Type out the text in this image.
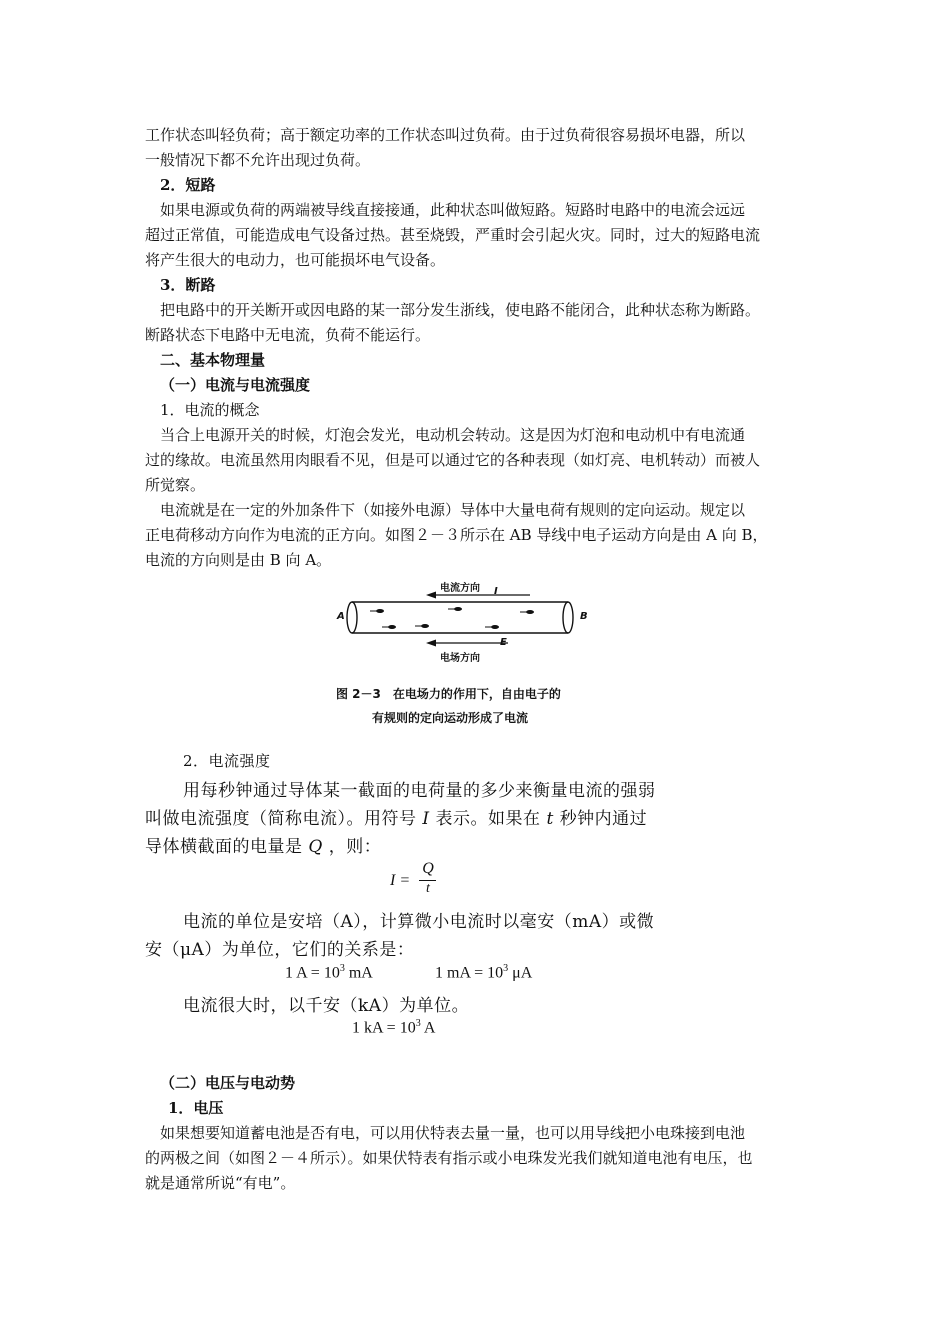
工作状态叫轻负荷；高于额定功率的工作状态叫过负荷。由于过负荷很容易损坏电器，所以
一般情况下都不允许出现过负荷。
2．短路
如果电源或负荷的两端被导线直接接通，此种状态叫做短路。短路时电路中的电流会远远
超过正常值，可能造成电气设备过热。甚至烧毁，严重时会引起火灾。同时，过大的短路电流
将产生很大的电动力，也可能损坏电气设备。
3．断路
把电路中的开关断开或因电路的某一部分发生浙线，使电路不能闭合，此种状态称为断路。
断路状态下电路中无电流，负荷不能运行。
二、基本物理量
（一）电流与电流强度
1．电流的概念
当合上电源开关的时候，灯泡会发光，电动机会转动。这是因为灯泡和电动机中有电流通
过的缘故。电流虽然用肉眼看不见，但是可以通过它的各种表现（如灯亮、电机转动）而被人
所觉察。
电流就是在一定的外加条件下（如接外电源）导体中大量电荷有规则的定向运动。规定以
正电荷移动方向作为电流的正方向。如图２－３所示在 AB 导线中电子运动方向是由 A 向 B，
电流的方向则是由 B 向 A。
电流方向 I
A	B
E
电场方向
图 2－3　在电场力的作用下，自由电子的
有规则的定向运动形成了电流
2．电流强度
用每秒钟通过导体某一截面的电荷量的多少来衡量电流的强弱
叫做电流强度（简称电流）。用符号 I 表示。如果在 t 秒钟内通过
导体横截面的电量是 Q ，则：
I =
Q
t
电流的单位是安培（A），计算微小电流时以毫安（mA）或微
安（μA）为单位，它们的关系是：
1 $A = 10^3$ mA	1 mA = $10^3$ μA
电流很大时，以千安（kA）为单位。
1 kA = $10^3$ A
（二）电压与电动势
1．电压
如果想要知道蓄电池是否有电，可以用伏特表去量一量，也可以用导线把小电珠接到电池
的两极之间（如图２－４所示）。如果伏特表有指示或小电珠发光我们就知道电池有电压，也
就是通常所说“有电”。
